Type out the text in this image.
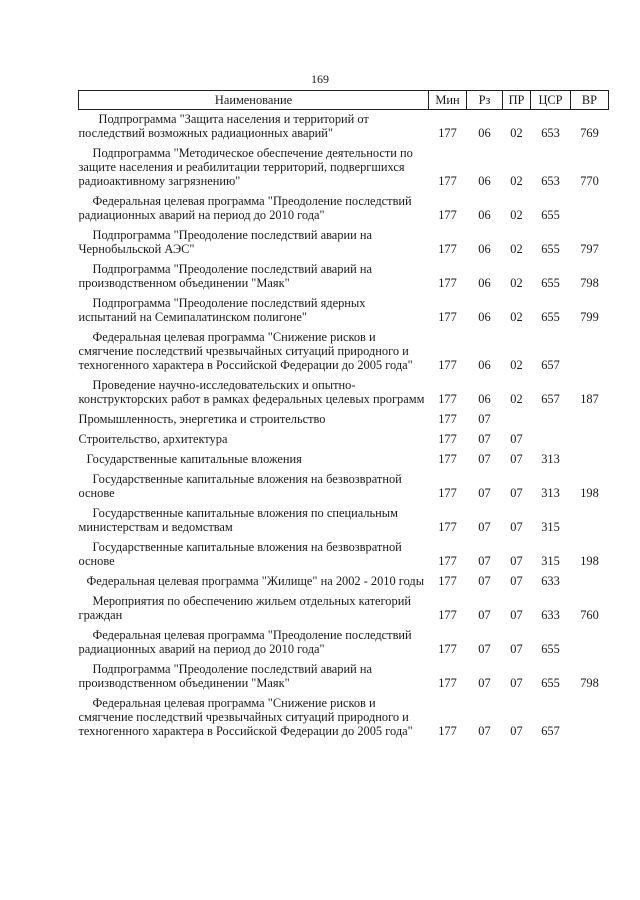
169
Наименование	Мин	Рз	ПР	ЦСР	ВР
Подпрограмма "Защита населения и территорий от последствий возможных радиационных аварий"	177	06	02	653	769
Подпрограмма "Методическое обеспечение деятельности по защите населения и реабилитации территорий, подвергшихся радиоактивному загрязнению"	177	06	02	653	770
Федеральная целевая программа "Преодоление последствий радиационных аварий на период до 2010 года"	177	06	02	655	
Подпрограмма "Преодоление последствий аварии на Чернобыльской АЭС"	177	06	02	655	797
Подпрограмма "Преодоление последствий аварий на производственном объединении "Маяк"	177	06	02	655	798
Подпрограмма "Преодоление последствий ядерных испытаний на Семипалатинском полигоне"	177	06	02	655	799
Федеральная целевая программа "Снижение рисков и смягчение последствий чрезвычайных ситуаций природного и техногенного характера в Российской Федерации до 2005 года"	177	06	02	657	
Проведение научно-исследовательских и опытно-конструкторских работ в рамках федеральных целевых программ	177	06	02	657	187
Промышленность, энергетика и строительство	177	07			
Строительство, архитектура	177	07	07		
Государственные капитальные вложения	177	07	07	313	
Государственные капитальные вложения на безвозвратной основе	177	07	07	313	198
Государственные капитальные вложения по специальным министерствам и ведомствам	177	07	07	315	
Государственные капитальные вложения на безвозвратной основе	177	07	07	315	198
Федеральная целевая программа "Жилище" на 2002 - 2010 годы	177	07	07	633	
Мероприятия по обеспечению жильем отдельных категорий граждан	177	07	07	633	760
Федеральная целевая программа "Преодоление последствий радиационных аварий на период до 2010 года"	177	07	07	655	
Подпрограмма "Преодоление последствий аварий на производственном объединении "Маяк"	177	07	07	655	798
Федеральная целевая программа "Снижение рисков и смягчение последствий чрезвычайных ситуаций природного и техногенного характера в Российской Федерации до 2005 года"	177	07	07	657	
